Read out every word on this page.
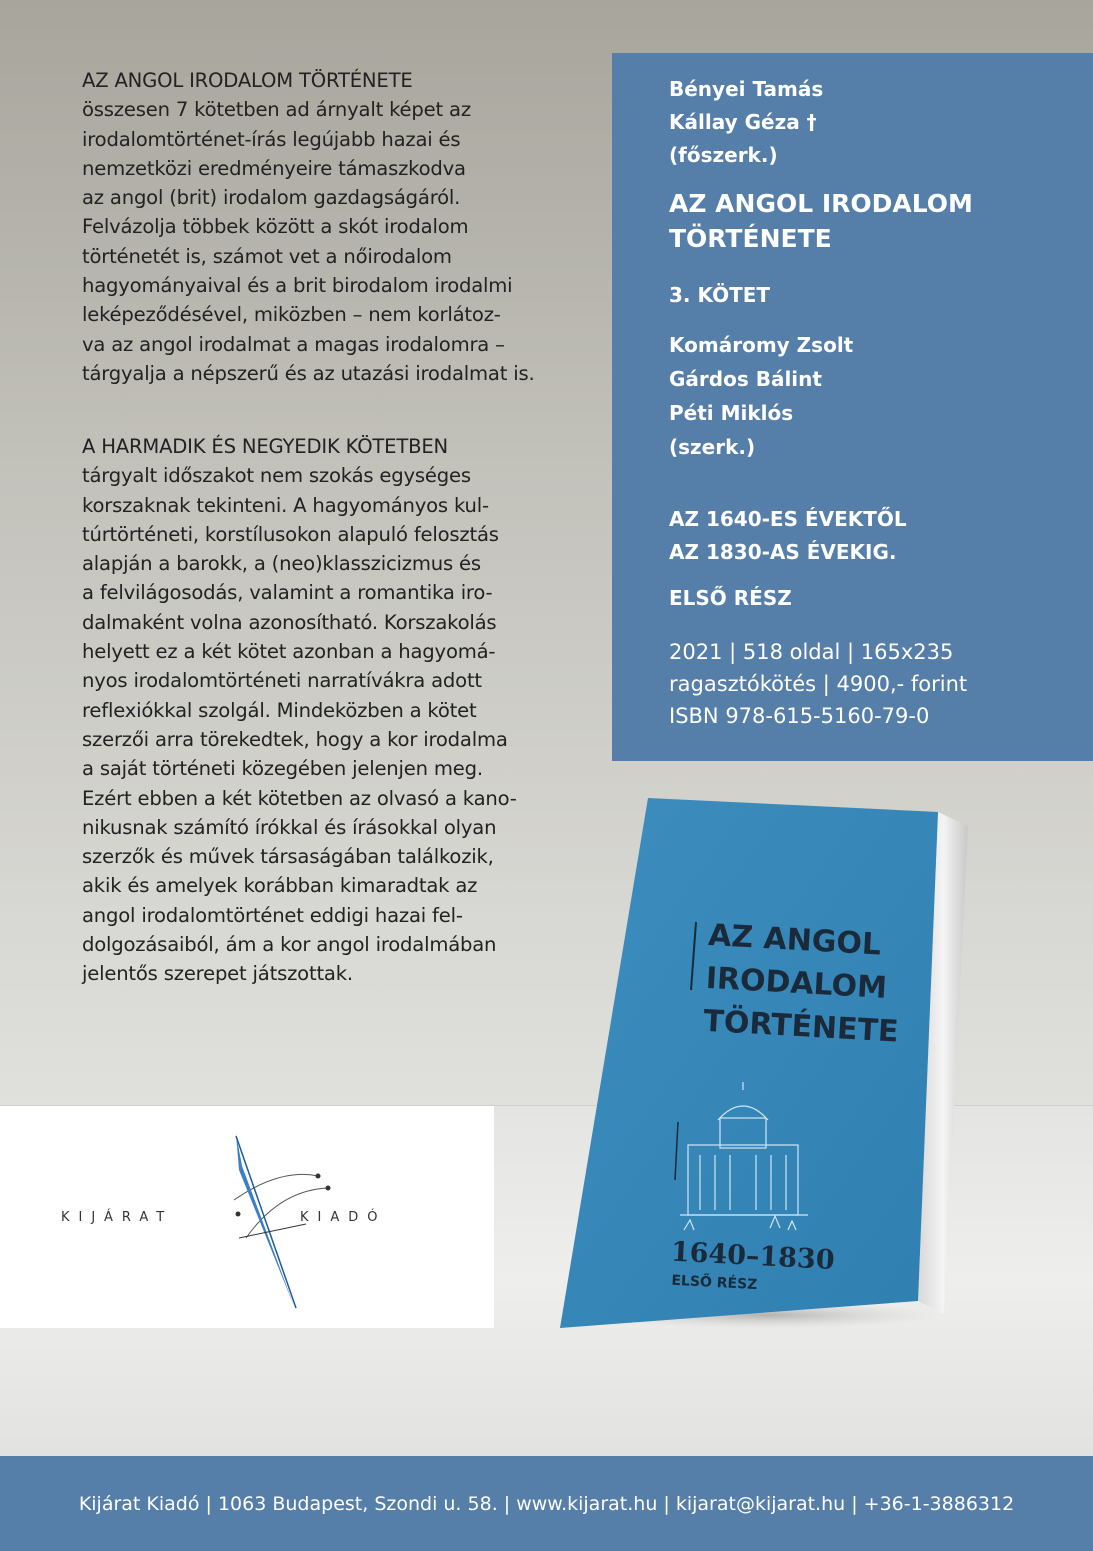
AZ ANGOL IRODALOM TÖRTÉNETE
összesen 7 kötetben ad árnyalt képet az
irodalomtörténet-írás legújabb hazai és
nemzetközi eredményeire támaszkodva
az angol (brit) irodalom gazdagságáról.
Felvázolja többek között a skót irodalom
történetét is, számot vet a nőirodalom
hagyományaival és a brit birodalom irodalmi
leképeződésével, miközben – nem korlátoz-
va az angol irodalmat a magas irodalomra –
tárgyalja a népszerű és az utazási irodalmat is.
A HARMADIK ÉS NEGYEDIK KÖTETBEN
tárgyalt időszakot nem szokás egységes
korszaknak tekinteni. A hagyományos kul-
túrtörténeti, korstílusokon alapuló felosztás
alapján a barokk, a (neo)klasszicizmus és
a felvilágosodás, valamint a romantika iro-
dalmaként volna azonosítható. Korszakolás
helyett ez a két kötet azonban a hagyomá-
nyos irodalomtörténeti narratívákra adott
reflexiókkal szolgál. Mindeközben a kötet
szerzői arra törekedtek, hogy a kor irodalma
a saját történeti közegében jelenjen meg.
Ezért ebben a két kötetben az olvasó a kano-
nikusnak számító írókkal és írásokkal olyan
szerzők és művek társaságában találkozik,
akik és amelyek korábban kimaradtak az
angol irodalomtörténet eddigi hazai fel-
dolgozásaiból, ám a kor angol irodalmában
jelentős szerepet játszottak.
Bényei Tamás
Kállay Géza †
(főszerk.)
AZ ANGOL IRODALOM
TÖRTÉNETE
3. KÖTET
Komáromy Zsolt
Gárdos Bálint
Péti Miklós
(szerk.)
AZ 1640-ES ÉVEKTŐL
AZ 1830-AS ÉVEKIG.
ELSŐ RÉSZ
2021 | 518 oldal | 165x235
ragasztókötés | 4900,- forint
ISBN 978-615-5160-79-0
KIJÁRAT	KIADÓ
AZ ANGOL
IRODALOM
TÖRTÉNETE
1640–1830
ELSŐ RÉSZ
Kijárat Kiadó | 1063 Budapest, Szondi u. 58. | www.kijarat.hu | kijarat@kijarat.hu | +36-1-3886312
